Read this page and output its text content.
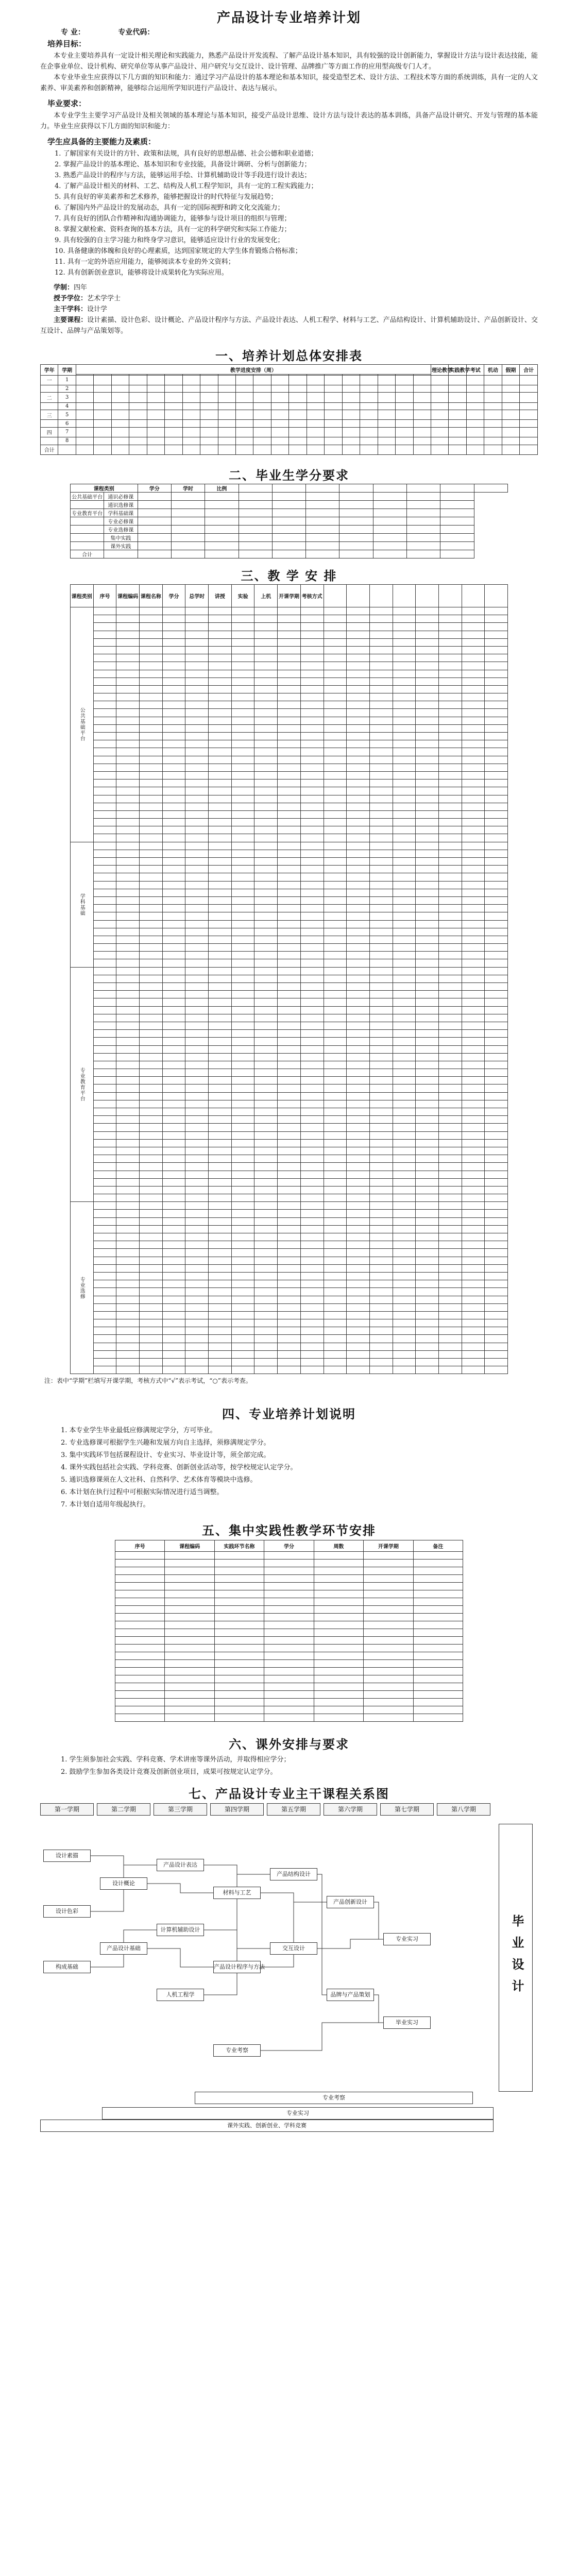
产品设计专业培养计划
专 业：	专业代码：
培养目标：

本专业主要培养具有一定设计相关理论和实践能力，熟悉产品设计开发流程、了解产品设计基本知识，具有较强的设计创新能力，掌握设计方法与设计表达技能，能在企事业单位、设计机构、研究单位等从事产品设计、用户研究与交互设计、设计管理、品牌推广等方面工作的应用型高级专门人才。

本专业毕业生应获得以下几方面的知识和能力：通过学习产品设计的基本理论和基本知识，接受造型艺术、设计方法、工程技术等方面的系统训练，具有一定的人文素养、审美素养和创新精神，能够综合运用所学知识进行产品设计、表达与展示。

毕业要求：

本专业学生主要学习产品设计及相关领域的基本理论与基本知识，接受产品设计思维、设计方法与设计表达的基本训练，具备产品设计研究、开发与管理的基本能力。毕业生应获得以下几方面的知识和能力：

学生应具备的主要能力及素质：
1. 了解国家有关设计的方针、政策和法规，具有良好的思想品德、社会公德和职业道德；
2. 掌握产品设计的基本理论、基本知识和专业技能，具备设计调研、分析与创新能力；
3. 熟悉产品设计的程序与方法，能够运用手绘、计算机辅助设计等手段进行设计表达；
4. 了解产品设计相关的材料、工艺、结构及人机工程学知识，具有一定的工程实践能力；
5. 具有良好的审美素养和艺术修养，能够把握设计的时代特征与发展趋势；
6. 了解国内外产品设计的发展动态，具有一定的国际视野和跨文化交流能力；
7. 具有良好的团队合作精神和沟通协调能力，能够参与设计项目的组织与管理；
8. 掌握文献检索、资料查询的基本方法，具有一定的科学研究和实际工作能力；
9. 具有较强的自主学习能力和终身学习意识，能够适应设计行业的发展变化；
10. 具备健康的体魄和良好的心理素质，达到国家规定的大学生体育锻炼合格标准；
11. 具有一定的外语应用能力，能够阅读本专业的外文资料；
12. 具有创新创业意识，能够将设计成果转化为实际应用。
学制：四年
授予学位：艺术学学士
主干学科：设计学
主要课程：设计素描、设计色彩、设计概论、产品设计程序与方法、产品设计表达、人机工程学、材料与工艺、产品结构设计、计算机辅助设计、产品创新设计、交互设计、品牌与产品策划等。
一、培养计划总体安排表
学年	学期	教学进度安排（周）																				理论教学	实践教学	考试	机动	假期	合计

一	1																										
	2																										
二	3																										
	4																										
三	5																										
	6																										
四	7																										
	8																										
合计																											
二、毕业生学分要求
课程类别		学分	学时	比例								
公共基础平台	通识必修课											
	通识选修课											
专业教育平台	学科基础课											
	专业必修课											
	专业选修课											
	集中实践											
	课外实践											
合计												
三、教 学 安 排
课程类别	序号	课程编码	课程名称	学分	总学时	讲授	实验	上机	开课学期	考核方式								
公共基础平台																		

学科基础																		

专业教育平台																		

专业选修																		

注：表中“学期”栏填写开课学期，考核方式中“√”表示考试，“○”表示考查。
四、专业培养计划说明
1. 本专业学生毕业最低应修满规定学分，方可毕业。
2. 专业选修课可根据学生兴趣和发展方向自主选择，须修满规定学分。
3. 集中实践环节包括课程设计、专业实习、毕业设计等，须全部完成。
4. 课外实践包括社会实践、学科竞赛、创新创业活动等，按学校规定认定学分。
5. 通识选修课须在人文社科、自然科学、艺术体育等模块中选修。
6. 本计划在执行过程中可根据实际情况进行适当调整。
7. 本计划自适用年级起执行。
五、集中实践性教学环节安排
序号	课程编码	实践环节名称	学分	周数	开课学期	备注

六、课外安排与要求
1. 学生须参加社会实践、学科竞赛、学术讲座等课外活动，并取得相应学分；
2. 鼓励学生参加各类设计竞赛及创新创业项目，成果可按规定认定学分。
七、产品设计专业主干课程关系图
第一学期	第二学期	第三学期	第四学期	第五学期	第六学期	第七学期	第八学期
毕业设计
设计素描
设计色彩
构成基础
设计概论
产品设计基础
产品设计表达
计算机辅助设计
人机工程学
材料与工艺
产品设计程序与方法
产品结构设计
交互设计
产品创新设计
品牌与产品策划
专业考察
专业实习
毕业实习
专业考察
专业实习
课外实践、创新创业、学科竞赛
